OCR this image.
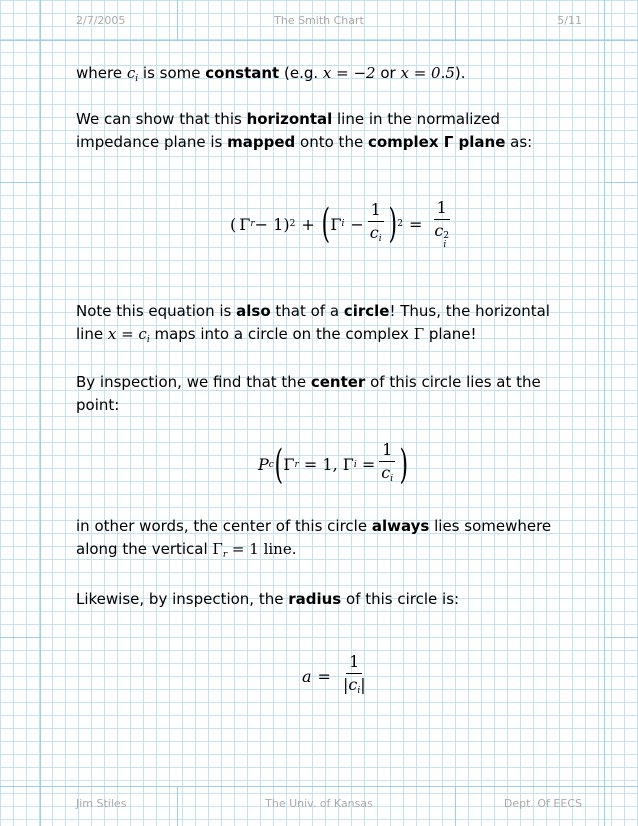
2/7/2005	The Smith Chart	5/11
where $c_i$ is some constant (e.g. x = −2 or x = 0.5).
We can show that this horizontal line in the normalized
impedance plane is mapped onto the complex Γ plane as:
( Γ r − 1) 2 + ( Γ $i - \frac{1}{c_i}$ ) 2 = 1
c 2
i
Note this equation is also that of a circle! Thus, the horizontal
line $x = c_i$ maps into a circle on the complex Γ plane!
By inspection, we find that the center of this circle lies at the
point:
P c ( Γ r = 1, Γ $i = \frac{1}{c_i}$ )
in other words, the center of this circle always lies somewhere
along the vertical $\Gamma_r = 1$ line.
Likewise, by inspection, the radius of this circle is:
$a = \frac{1}{|c_i|}$
Jim Stiles	The Univ. of Kansas	Dept. Of EECS
